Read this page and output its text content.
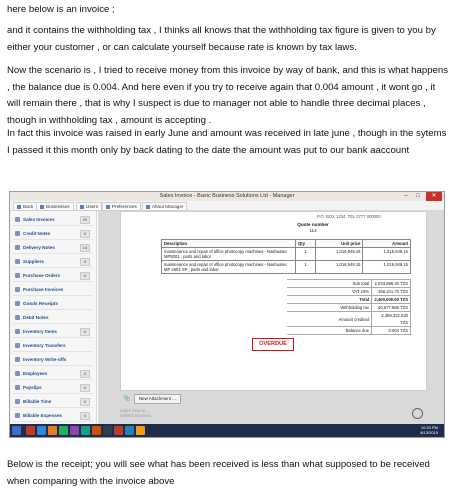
here below is an invoice ;

and it contains the withholding tax , I thinks all knows that the withholding tax figure is given to you by either your customer , or can calculate yourself because rate is known by tax laws.

Now the scenario is , I tried to receive money from this invoice by way of bank, and this is what happens , the balance due is 0.004. And here even if you try to receive again that 0.004 amount , it wont go , it will remain there , that is why I suspect is due to manager not able to handle three decimal places , though in withholding tax , amount is accepting .

In fact this invoice was raised in early June and amount was received in late june , though in the sytems I passed it this month only by back dating to the date the amount was put to our bank aaccount

Sales Invoice - Basic Business Solutions Ltd - Manager	–	□	✕
Back	Businesses	Users	Preferences	About Manager
Sales Invoices	29
Credit Notes	0
Delivery Notes	14
Suppliers	9
Purchase Orders	0
Purchase Invoices
Goods Receipts
Debit Notes
Inventory Items	0
Inventory Transfers
Inventory Write-offs
Employees	0
Payslips	0
Billable Time	0
Billable Expenses	0
P.O. BOX 1234, TEL 0777 000000
Quote number
114
Description	Qty	Unit price	Amount
maintenance and repair of office photocopy machines - Nashuatec MP5001 , parts and labor	1	1,016,949.15	1,016,949.15
maintenance and repair of office photocopy machines - Nashuatec MP 2501 SP , parts and labor	1	1,016,949.15	1,016,949.15
Sub total	2,033,898.30 TZS
VAT 18%	366,101.70 TZS
Total	2,400,000.00 TZS
Withholding tax	40,677.966 TZS
Amount credited	2,359,322.030 TZS
Balance due	0.004 TZS
OVERDUE
📎	New Attachment ...
Learn how to ...
Submit Invoices
10:33 PM
8/13/2015

Below is the receipt; you will see what has been received is less than what supposed to be received when comparing with the invoice above
